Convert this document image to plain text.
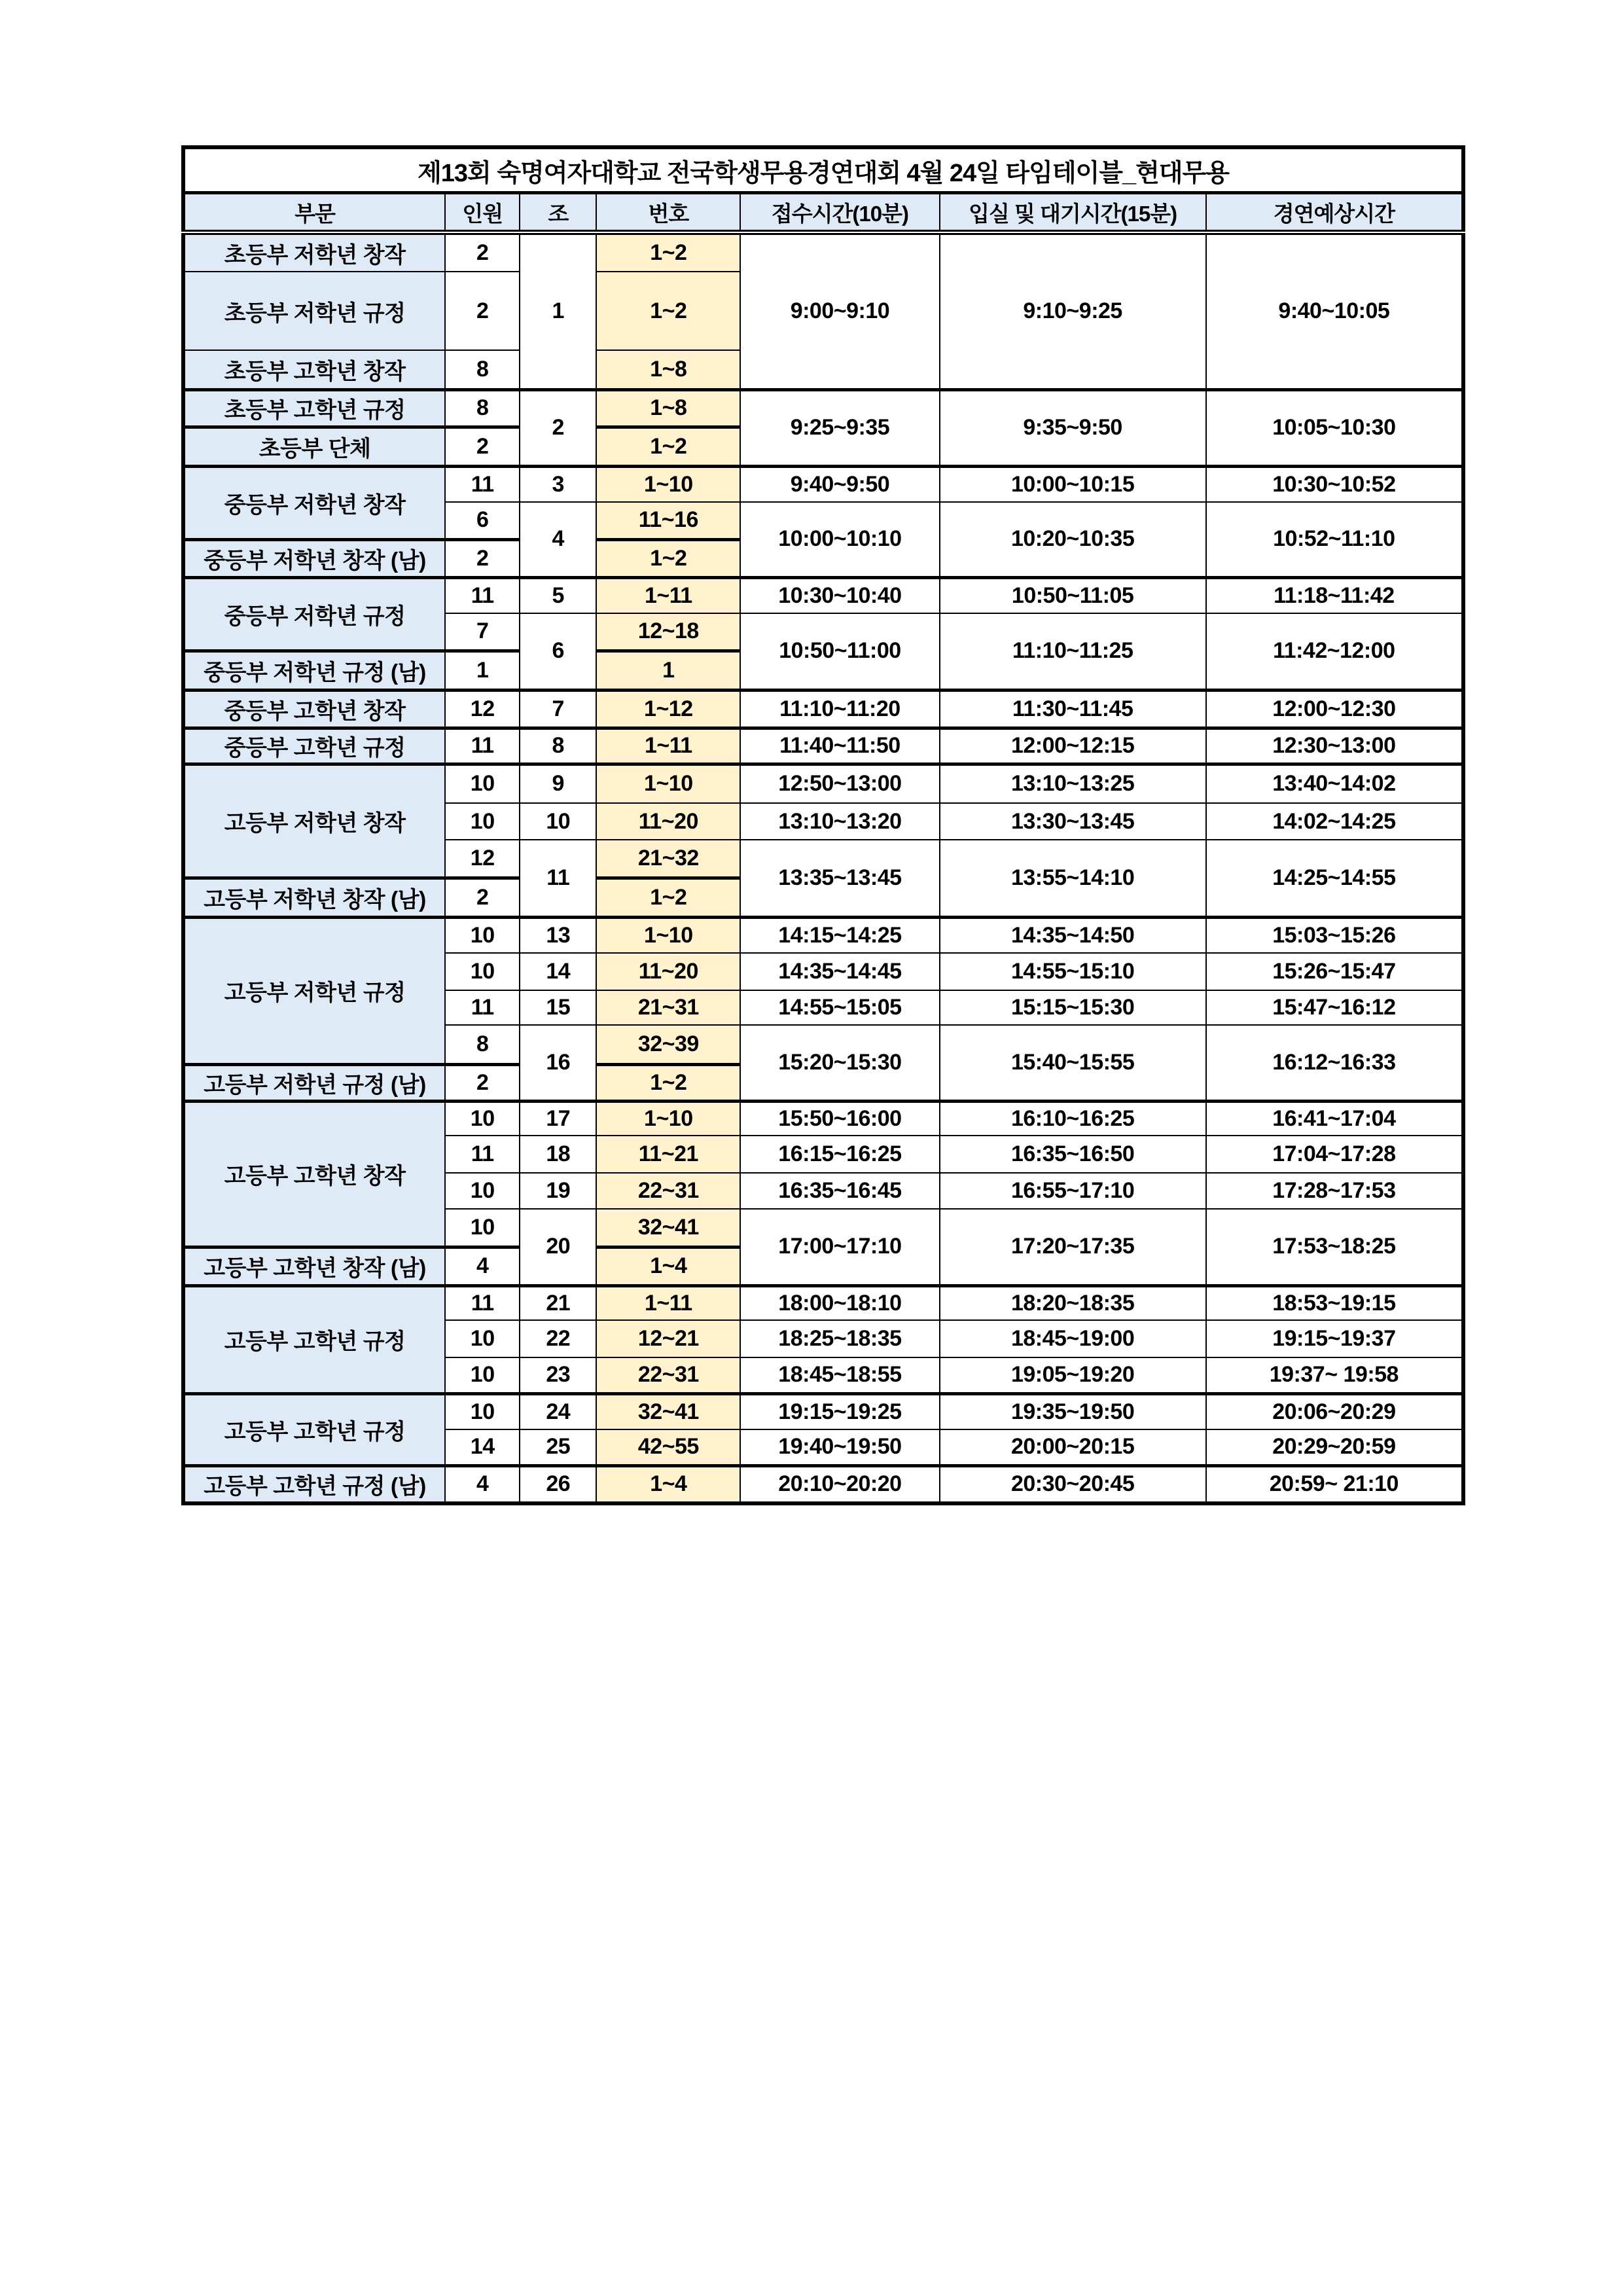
제13회 숙명여자대학교 전국학생무용경연대회 4월 24일 타임테이블_현대무용						
부문	인원	조	번호	접수시간(10분)	입실 및 대기시간(15분)	경연예상시간
초등부 저학년 창작	2	1	1~2	9:00~9:10	9:10~9:25	9:40~10:05
초등부 저학년 규정	2		1~2			
초등부 고학년 창작	8		1~8			
초등부 고학년 규정	8	2	1~8	9:25~9:35	9:35~9:50	10:05~10:30
초등부 단체	2		1~2			
중등부 저학년 창작	11	3	1~10	9:40~9:50	10:00~10:15	10:30~10:52
	6	4	11~16	10:00~10:10	10:20~10:35	10:52~11:10
중등부 저학년 창작 (남)	2		1~2			
중등부 저학년 규정	11	5	1~11	10:30~10:40	10:50~11:05	11:18~11:42
	7	6	12~18	10:50~11:00	11:10~11:25	11:42~12:00
중등부 저학년 규정 (남)	1		1			
중등부 고학년 창작	12	7	1~12	11:10~11:20	11:30~11:45	12:00~12:30
중등부 고학년 규정	11	8	1~11	11:40~11:50	12:00~12:15	12:30~13:00
고등부 저학년 창작	10	9	1~10	12:50~13:00	13:10~13:25	13:40~14:02
	10	10	11~20	13:10~13:20	13:30~13:45	14:02~14:25
	12	11	21~32	13:35~13:45	13:55~14:10	14:25~14:55
고등부 저학년 창작 (남)	2		1~2			
고등부 저학년 규정	10	13	1~10	14:15~14:25	14:35~14:50	15:03~15:26
	10	14	11~20	14:35~14:45	14:55~15:10	15:26~15:47
	11	15	21~31	14:55~15:05	15:15~15:30	15:47~16:12
	8	16	32~39	15:20~15:30	15:40~15:55	16:12~16:33
고등부 저학년 규정 (남)	2		1~2			
고등부 고학년 창작	10	17	1~10	15:50~16:00	16:10~16:25	16:41~17:04
	11	18	11~21	16:15~16:25	16:35~16:50	17:04~17:28
	10	19	22~31	16:35~16:45	16:55~17:10	17:28~17:53
	10	20	32~41	17:00~17:10	17:20~17:35	17:53~18:25
고등부 고학년 창작 (남)	4		1~4			
고등부 고학년 규정	11	21	1~11	18:00~18:10	18:20~18:35	18:53~19:15
	10	22	12~21	18:25~18:35	18:45~19:00	19:15~19:37
	10	23	22~31	18:45~18:55	19:05~19:20	19:37~ 19:58
고등부 고학년 규정	10	24	32~41	19:15~19:25	19:35~19:50	20:06~20:29
	14	25	42~55	19:40~19:50	20:00~20:15	20:29~20:59
고등부 고학년 규정 (남)	4	26	1~4	20:10~20:20	20:30~20:45	20:59~ 21:10
